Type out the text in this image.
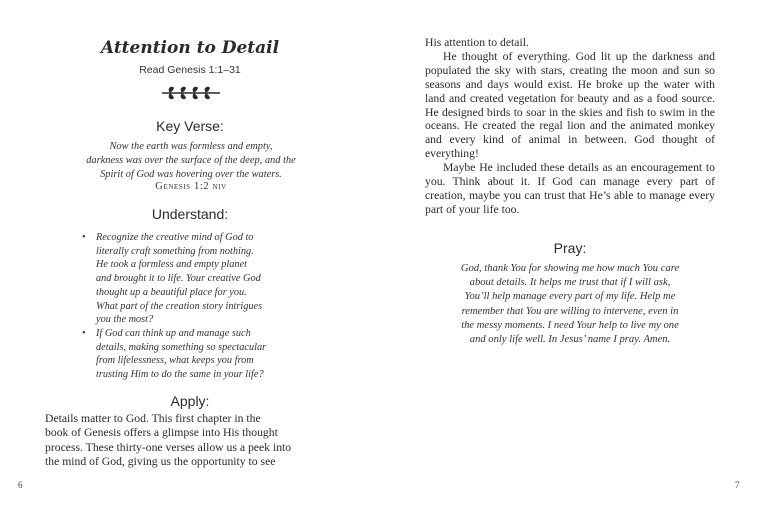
Attention to Detail
Read Genesis 1:1–31
Key Verse:
Now the earth was formless and empty,
darkness was over the surface of the deep, and the
Spirit of God was hovering over the waters.
Genesis 1:2 niv
Understand:
• Recognize the creative mind of God to
literally craft something from nothing.
He took a formless and empty planet
and brought it to life. Your creative God
thought up a beautiful place for you.
What part of the creation story intrigues
you the most?
• If God can think up and manage such
details, making something so spectacular
from lifelessness, what keeps you from
trusting Him to do the same in your life?
Apply:
Details matter to God. This first chapter in the
book of Genesis offers a glimpse into His thought
process. These thirty-one verses allow us a peek into
the mind of God, giving us the opportunity to see
6

His attention to detail.

He thought of everything. God lit up the darkness and populated the sky with stars, creating the moon and sun so seasons and days would exist. He broke up the water with land and created vegetation for beauty and as a food source. He designed birds to soar in the skies and fish to swim in the oceans. He created the regal lion and the animated monkey and every kind of animal in between. God thought of everything!

Maybe He included these details as an encouragement to you. Think about it. If God can manage every part of creation, maybe you can trust that He’s able to manage every part of your life too.

Pray:
God, thank You for showing me how much You care
about details. It helps me trust that if I will ask,
You’ll help manage every part of my life. Help me
remember that You are willing to intervene, even in
the messy moments. I need Your help to live my one
and only life well. In Jesus’ name I pray. Amen.
7
